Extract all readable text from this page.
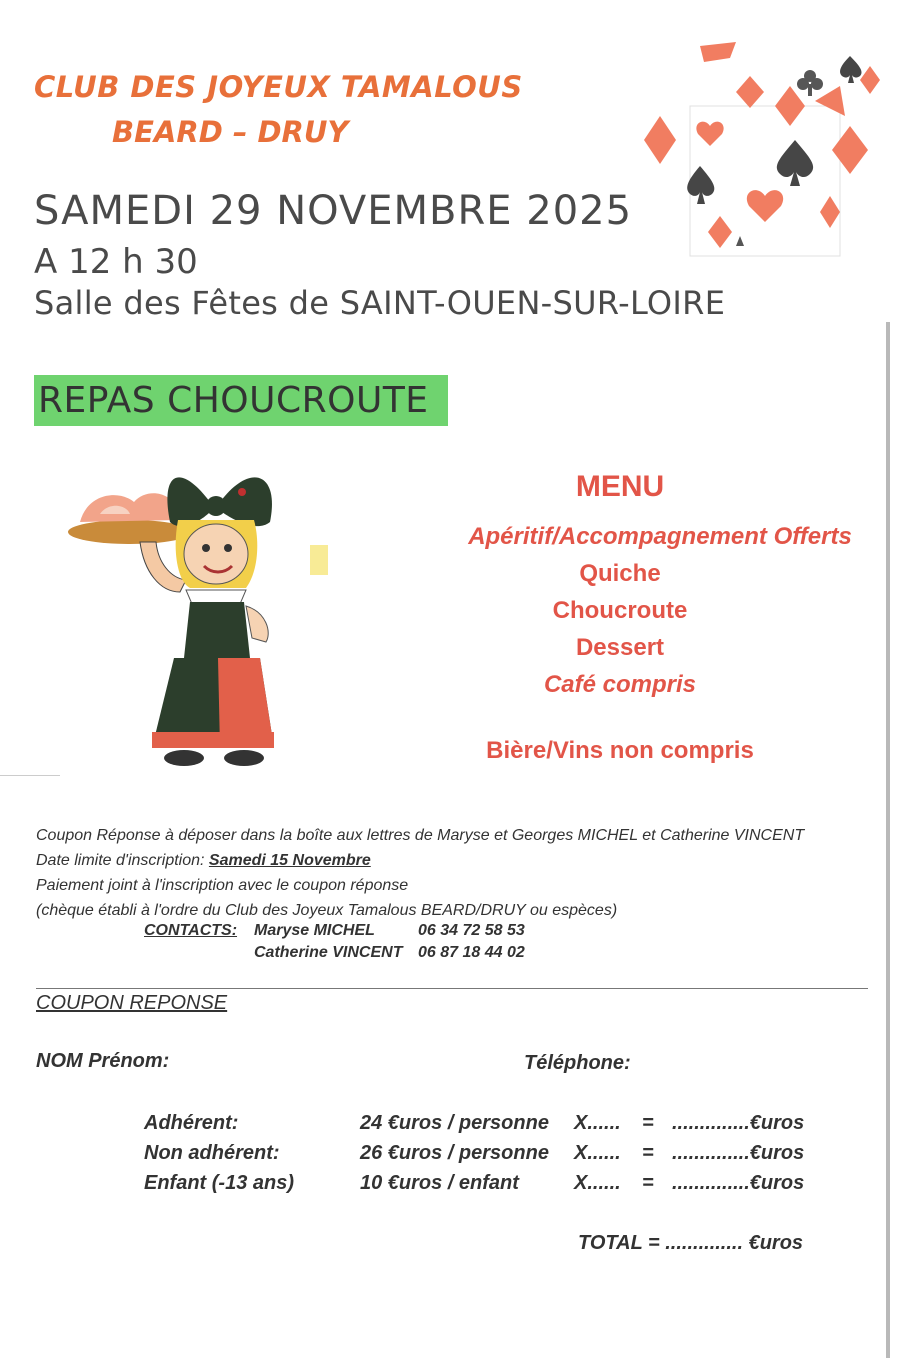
CLUB DES JOYEUX TAMALOUS
BEARD – DRUY
SAMEDI 29 NOVEMBRE 2025
A 12 h 30
Salle des Fêtes de SAINT-OUEN-SUR-LOIRE
REPAS CHOUCROUTE
MENU
Apéritif/Accompagnement Offerts
Quiche
Choucroute
Dessert
Café compris
Bière/Vins non compris
Coupon Réponse à déposer dans la boîte aux lettres de Maryse et Georges MICHEL et Catherine VINCENT
Date limite d'inscription: Samedi 15 Novembre
Paiement joint à l'inscription avec le coupon réponse
(chèque établi à l'ordre du Club des Joyeux Tamalous BEARD/DRUY ou espèces)
CONTACTS:	Maryse MICHEL	06 34 72 58 53
	Catherine VINCENT	06 87 18 44 02
COUPON REPONSE
NOM Prénom:	Téléphone:
Adhérent:	24 €uros / personne	X......	=	..............€uros
Non adhérent:	26 €uros / personne	X......	=	..............€uros
Enfant (-13 ans)	10 €uros / enfant	X......	=	..............€uros
TOTAL = .............. €uros
